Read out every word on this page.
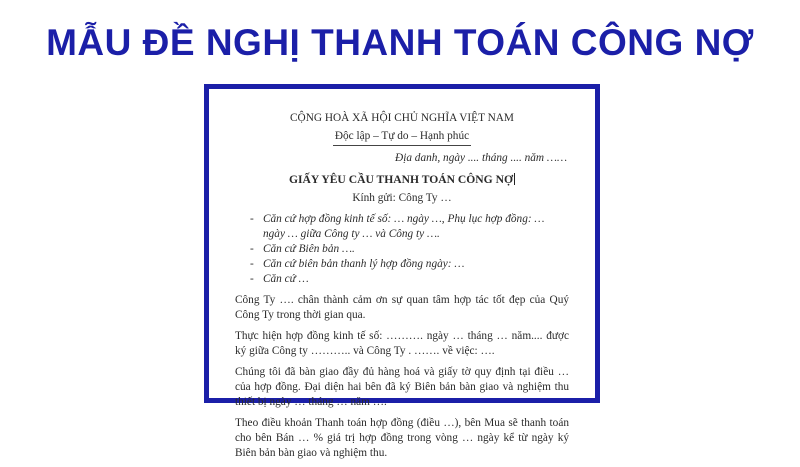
MẪU ĐỀ NGHỊ THANH TOÁN CÔNG NỢ
CỘNG HOÀ XÃ HỘI CHỦ NGHĨA VIỆT NAM
Độc lập – Tự do – Hạnh phúc
Địa danh, ngày .... tháng .... năm ……
GIẤY YÊU CẦU THANH TOÁN CÔNG NỢ
Kính gửi: Công Ty …
- Căn cứ hợp đồng kinh tế số: … ngày …, Phụ lục hợp đồng: … ngày … giữa Công ty … và Công ty ….
- Căn cứ Biên bản ….
- Căn cứ biên bản thanh lý hợp đồng ngày: …
- Căn cứ …

Công Ty …. chân thành cảm ơn sự quan tâm hợp tác tốt đẹp của Quý Công Ty trong thời gian qua.

Thực hiện hợp đồng kinh tế số: ………. ngày … tháng … năm.... được ký giữa Công ty ……….. và Công Ty . ……. về việc: ….

Chúng tôi đã bàn giao đầy đủ hàng hoá và giấy tờ quy định tại điều … của hợp đồng. Đại diện hai bên đã ký Biên bản bàn giao và nghiệm thu thiết bị ngày … tháng … năm ….

Theo điều khoản Thanh toán hợp đồng (điều …), bên Mua sẽ thanh toán cho bên Bán … % giá trị hợp đồng trong vòng … ngày kể từ ngày ký Biên bản bàn giao và nghiệm thu.
